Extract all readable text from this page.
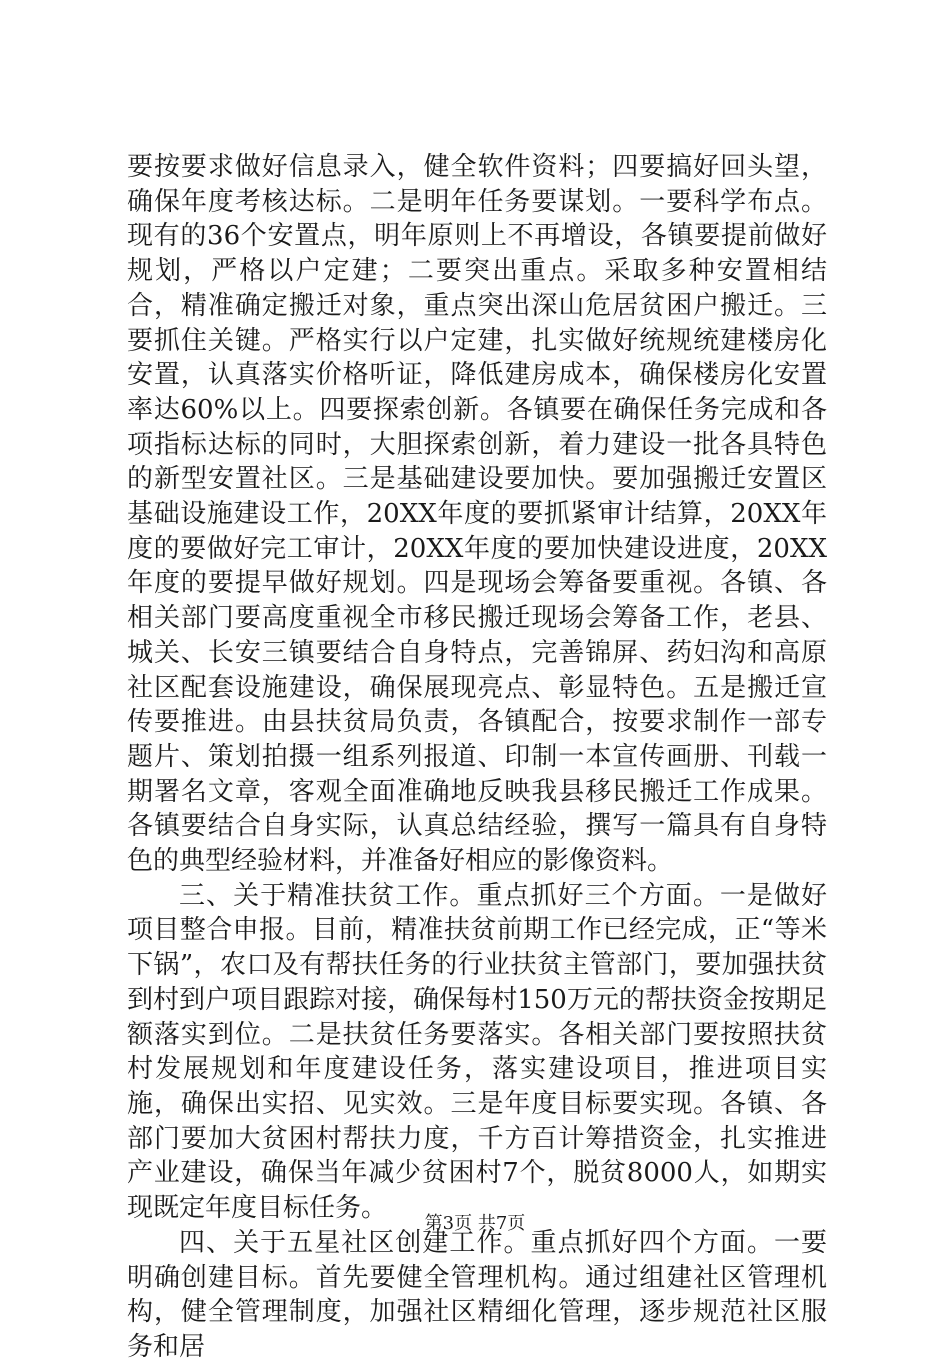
要按要求做好信息录入，健全软件资料；四要搞好回头望，确保年度考核达标。二是明年任务要谋划。一要科学布点。现有的36个安置点，明年原则上不再增设，各镇要提前做好规划，严格以户定建；二要突出重点。采取多种安置相结合，精准确定搬迁对象，重点突出深山危居贫困户搬迁。三要抓住关键。严格实行以户定建，扎实做好统规统建楼房化安置，认真落实价格听证，降低建房成本，确保楼房化安置率达60%以上。四要探索创新。各镇要在确保任务完成和各项指标达标的同时，大胆探索创新，着力建设一批各具特色的新型安置社区。三是基础建设要加快。要加强搬迁安置区基础设施建设工作，20XX年度的要抓紧审计结算，20XX年度的要做好完工审计，20XX年度的要加快建设进度，20XX年度的要提早做好规划。四是现场会筹备要重视。各镇、各相关部门要高度重视全市移民搬迁现场会筹备工作，老县、城关、长安三镇要结合自身特点，完善锦屏、药妇沟和高原社区配套设施建设，确保展现亮点、彰显特色。五是搬迁宣传要推进。由县扶贫局负责，各镇配合，按要求制作一部专题片、策划拍摄一组系列报道、印制一本宣传画册、刊载一期署名文章，客观全面准确地反映我县移民搬迁工作成果。各镇要结合自身实际，认真总结经验，撰写一篇具有自身特色的典型经验材料，并准备好相应的影像资料。

三、关于精准扶贫工作。重点抓好三个方面。一是做好项目整合申报。目前，精准扶贫前期工作已经完成，正“等米下锅”，农口及有帮扶任务的行业扶贫主管部门，要加强扶贫到村到户项目跟踪对接，确保每村150万元的帮扶资金按期足额落实到位。二是扶贫任务要落实。各相关部门要按照扶贫村发展规划和年度建设任务，落实建设项目，推进项目实施，确保出实招、见实效。三是年度目标要实现。各镇、各部门要加大贫困村帮扶力度，千方百计筹措资金，扎实推进产业建设，确保当年减少贫困村7个，脱贫8000人，如期实现既定年度目标任务。

四、关于五星社区创建工作。重点抓好四个方面。一要明确创建目标。首先要健全管理机构。通过组建社区管理机构，健全管理制度，加强社区精细化管理，逐步规范社区服务和居

第3页 共7页
